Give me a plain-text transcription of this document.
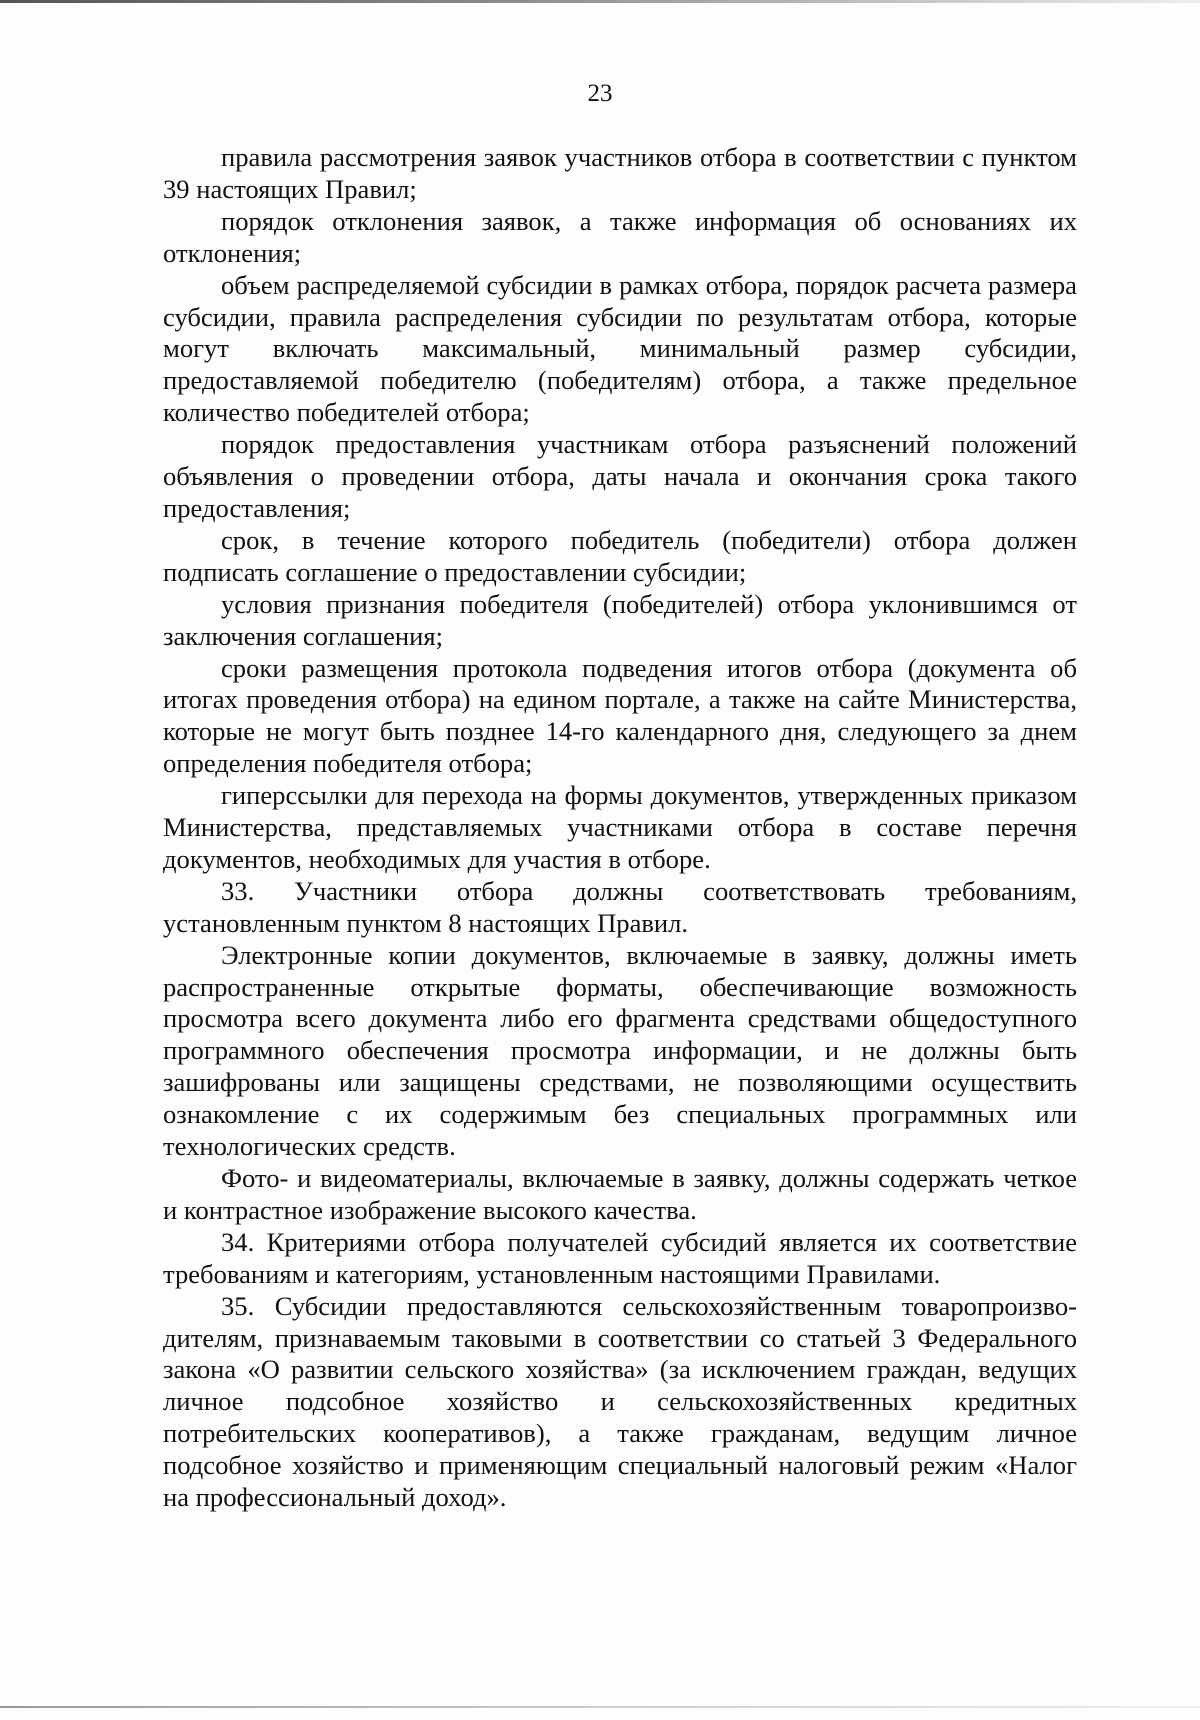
23

правила рассмотрения заявок участников отбора в соответствии с пунктом 39 настоящих Правил;

порядок отклонения заявок, а также информация об основаниях их отклонения;

объем распределяемой субсидии в рамках отбора, порядок расчета размера субсидии, правила распределения субсидии по результатам отбора, которые могут включать максимальный, минимальный размер субсидии, предоставляемой победителю (победителям) отбора, а также предельное количество победителей отбора;

порядок предоставления участникам отбора разъяснений положений объявления о проведении отбора, даты начала и окончания срока такого предоставления;

срок, в течение которого победитель (победители) отбора должен подписать соглашение о предоставлении субсидии;

условия признания победителя (победителей) отбора уклонившимся от заключения соглашения;

сроки размещения протокола подведения итогов отбора (документа об итогах проведения отбора) на едином портале, а также на сайте Министерства, которые не могут быть позднее 14-го календарного дня, следующего за днем определения победителя отбора;

гиперссылки для перехода на формы документов, утвержденных приказом Министерства, представляемых участниками отбора в составе перечня документов, необходимых для участия в отборе.

33. Участники отбора должны соответствовать требованиям, установленным пунктом 8 настоящих Правил.

Электронные копии документов, включаемые в заявку, должны иметь распространенные открытые форматы, обеспечивающие возможность просмотра всего документа либо его фрагмента средствами общедоступного программного обеспечения просмотра информации, и не должны быть зашифрованы или защищены средствами, не позволяющими осуществить ознакомление с их содержимым без специальных программных или технологических средств.

Фото- и видеоматериалы, включаемые в заявку, должны содержать четкое и контрастное изображение высокого качества.

34. Критериями отбора получателей субсидий является их соответствие требованиям и категориям, установленным настоящими Правилами.

35. Субсидии предоставляются сельскохозяйственным товаропроизво-дителям, признаваемым таковыми в соответствии со статьей 3 Федерального закона «О развитии сельского хозяйства» (за исключением граждан, ведущих личное подсобное хозяйство и сельскохозяйственных кредитных потребительских кооперативов), а также гражданам, ведущим личное подсобное хозяйство и применяющим специальный налоговый режим «Налог на профессиональный доход».
